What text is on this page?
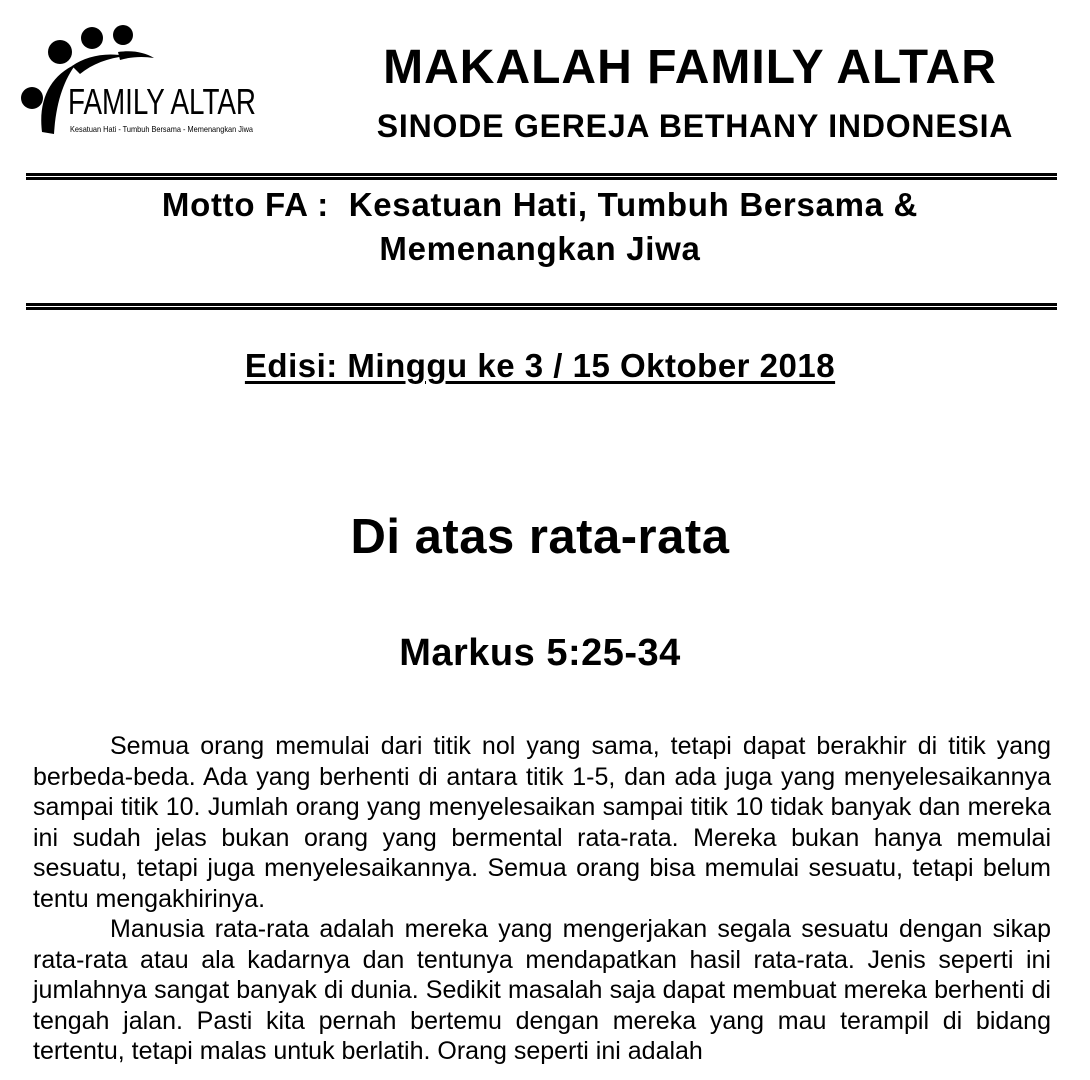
FAMILY ALTAR
Kesatuan Hati - Tumbuh Bersama - Memenangkan Jiwa
MAKALAH FAMILY ALTAR
SINODE GEREJA BETHANY INDONESIA
Motto FA :  Kesatuan Hati, Tumbuh Bersama &
Memenangkan Jiwa
Edisi: Minggu ke 3 / 15 Oktober 2018
Di atas rata-rata
Markus 5:25-34

Semua orang memulai dari titik nol yang sama, tetapi dapat berakhir di titik yang berbeda-beda. Ada yang berhenti di antara titik 1-5, dan ada juga yang menyelesaikannya sampai titik 10. Jumlah orang yang menyelesaikan sampai titik 10 tidak banyak dan mereka ini sudah jelas bukan orang yang bermental rata-rata. Mereka bukan hanya memulai sesuatu, tetapi juga menyelesaikannya. Semua orang bisa memulai sesuatu, tetapi belum tentu mengakhirinya.

Manusia rata-rata adalah mereka yang mengerjakan segala sesuatu dengan sikap rata-rata atau ala kadarnya dan tentunya mendapatkan hasil rata-rata. Jenis seperti ini jumlahnya sangat banyak di dunia. Sedikit masalah saja dapat membuat mereka berhenti di tengah jalan. Pasti kita pernah bertemu dengan mereka yang mau terampil di bidang tertentu, tetapi malas untuk berlatih. Orang seperti ini adalah
